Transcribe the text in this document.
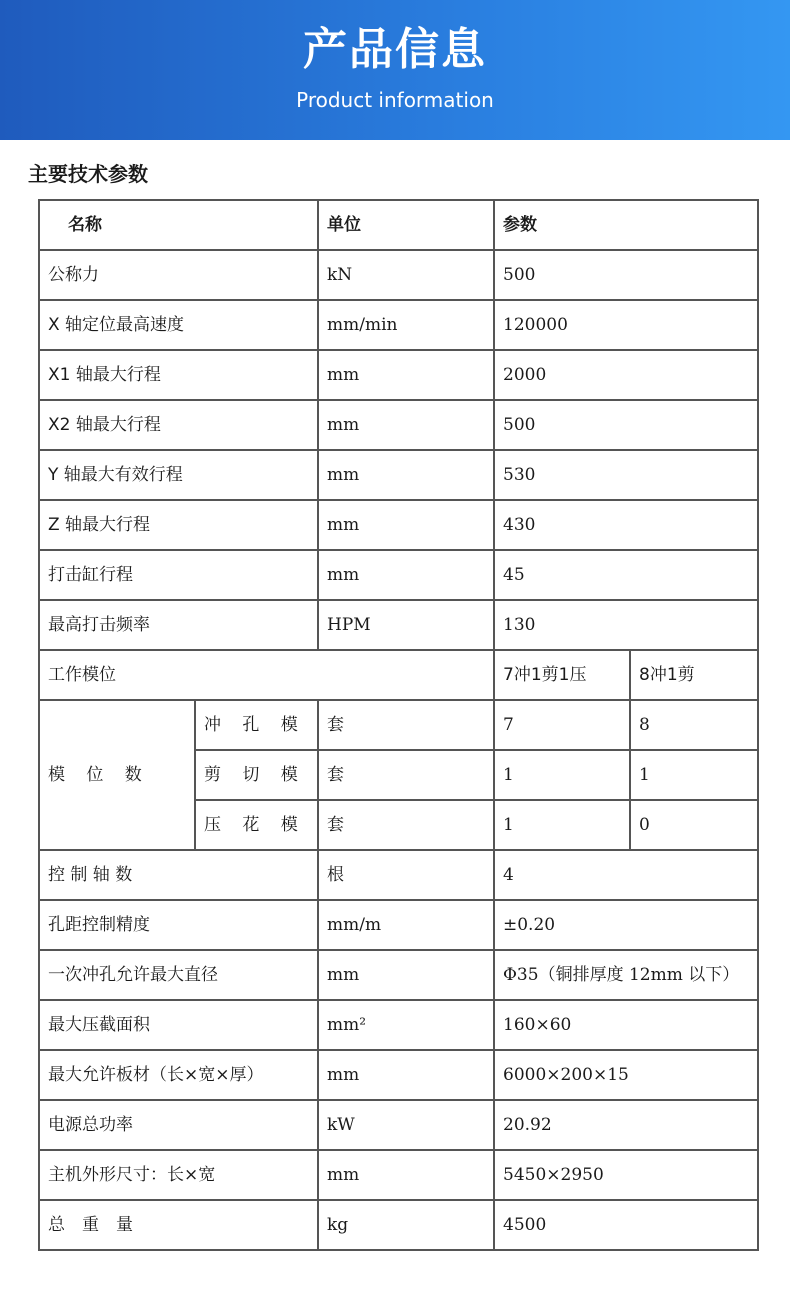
产品信息
Product information
主要技术参数
名称		单位	参数	
公称力		kN	500	
X 轴定位最高速度		mm/min	120000	
X1 轴最大行程		mm	2000	
X2 轴最大行程		mm	500	
Y 轴最大有效行程		mm	530	
Z 轴最大行程		mm	430	
打击缸行程		mm	45	
最高打击频率		HPM	130	
工作模位			7冲1剪1压	8冲1剪
模 位 数	冲 孔 模	套	7	8
	剪 切 模	套	1	1
	压 花 模	套	1	0
控 制 轴 数		根	4	
孔距控制精度		mm/m	±0.20	
一次冲孔允许最大直径		mm	Φ35（铜排厚度 12mm 以下）	
最大压截面积		mm²	160×60	
最大允许板材（长×宽×厚）		mm	6000×200×15	
电源总功率		kW	20.92	
主机外形尺寸：长×宽		mm	5450×2950	
总　重　量		kg	4500	
